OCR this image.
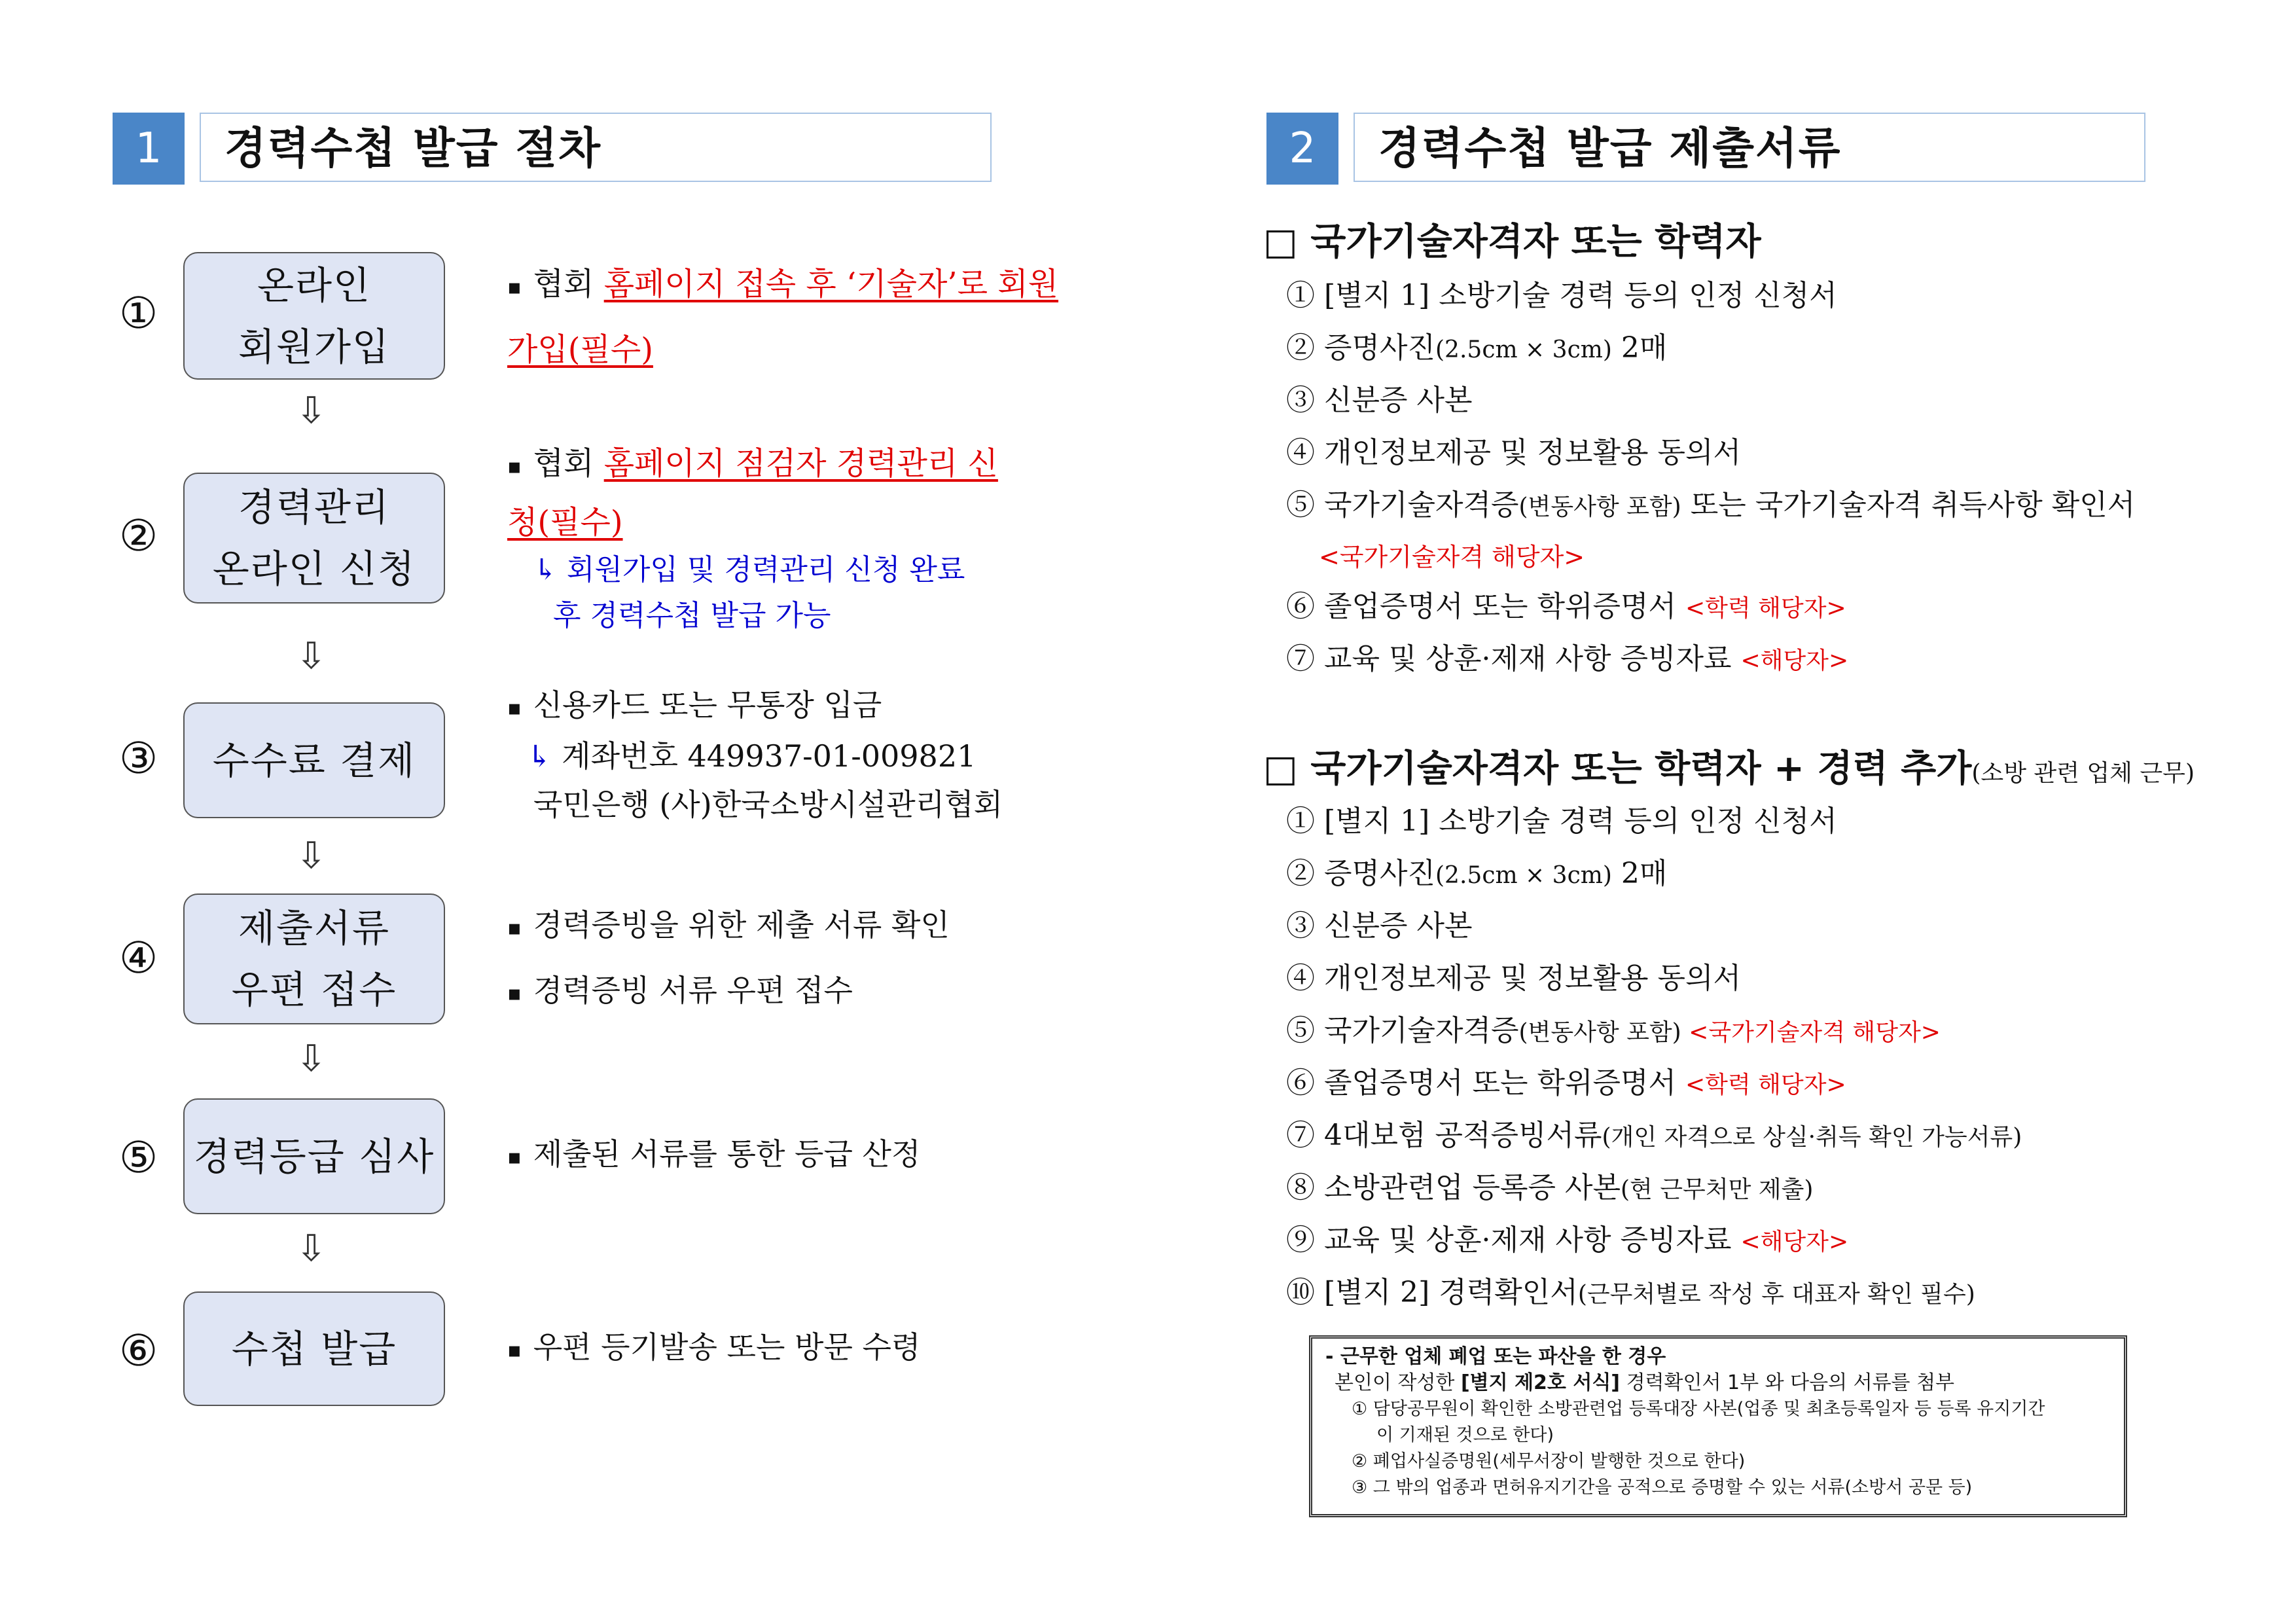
1	경력수첩 발급 절차
①
온라인
회원가입
⇩
②
경력관리
온라인 신청
⇩
③ 수수료 결제
⇩
④
제출서류
우편 접수
⇩
⑤ 경력등급 심사
⇩
⑥ 수첩 발급
▪ 협회 홈페이지 접속 후 ‘기술자’로 회원
가입(필수)
▪ 협회 홈페이지 점검자 경력관리 신
청(필수)
↳ 회원가입 및 경력관리 신청 완료
후 경력수첩 발급 가능
▪ 신용카드 또는 무통장 입금
↳ 계좌번호 449937-01-009821
국민은행 (사)한국소방시설관리협회
▪ 경력증빙을 위한 제출 서류 확인
▪ 경력증빙 서류 우편 접수
▪ 제출된 서류를 통한 등급 산정
▪ 우편 등기발송 또는 방문 수령
2	경력수첩 발급 제출서류
□ 국가기술자격자 또는 학력자
① [별지 1] 소방기술 경력 등의 인정 신청서
② 증명사진(2.5cm × 3cm) 2매
③ 신분증 사본
④ 개인정보제공 및 정보활용 동의서
⑤ 국가기술자격증(변동사항 포함) 또는 국가기술자격 취득사항 확인서
<국가기술자격 해당자>
⑥ 졸업증명서 또는 학위증명서 <학력 해당자>
⑦ 교육 및 상훈·제재 사항 증빙자료 <해당자>
□ 국가기술자격자 또는 학력자 + 경력 추가(소방 관련 업체 근무)
① [별지 1] 소방기술 경력 등의 인정 신청서
② 증명사진(2.5cm × 3cm) 2매
③ 신분증 사본
④ 개인정보제공 및 정보활용 동의서
⑤ 국가기술자격증(변동사항 포함) <국가기술자격 해당자>
⑥ 졸업증명서 또는 학위증명서 <학력 해당자>
⑦ 4대보험 공적증빙서류(개인 자격으로 상실·취득 확인 가능서류)
⑧ 소방관련업 등록증 사본(현 근무처만 제출)
⑨ 교육 및 상훈·제재 사항 증빙자료 <해당자>
⑩ [별지 2] 경력확인서(근무처별로 작성 후 대표자 확인 필수)
- 근무한 업체 폐업 또는 파산을 한 경우
본인이 작성한 [별지 제2호 서식] 경력확인서 1부 와 다음의 서류를 첨부
① 담당공무원이 확인한 소방관련업 등록대장 사본(업종 및 최초등록일자 등 등록 유지기간
이 기재된 것으로 한다)
② 폐업사실증명원(세무서장이 발행한 것으로 한다)
③ 그 밖의 업종과 면허유지기간을 공적으로 증명할 수 있는 서류(소방서 공문 등)
